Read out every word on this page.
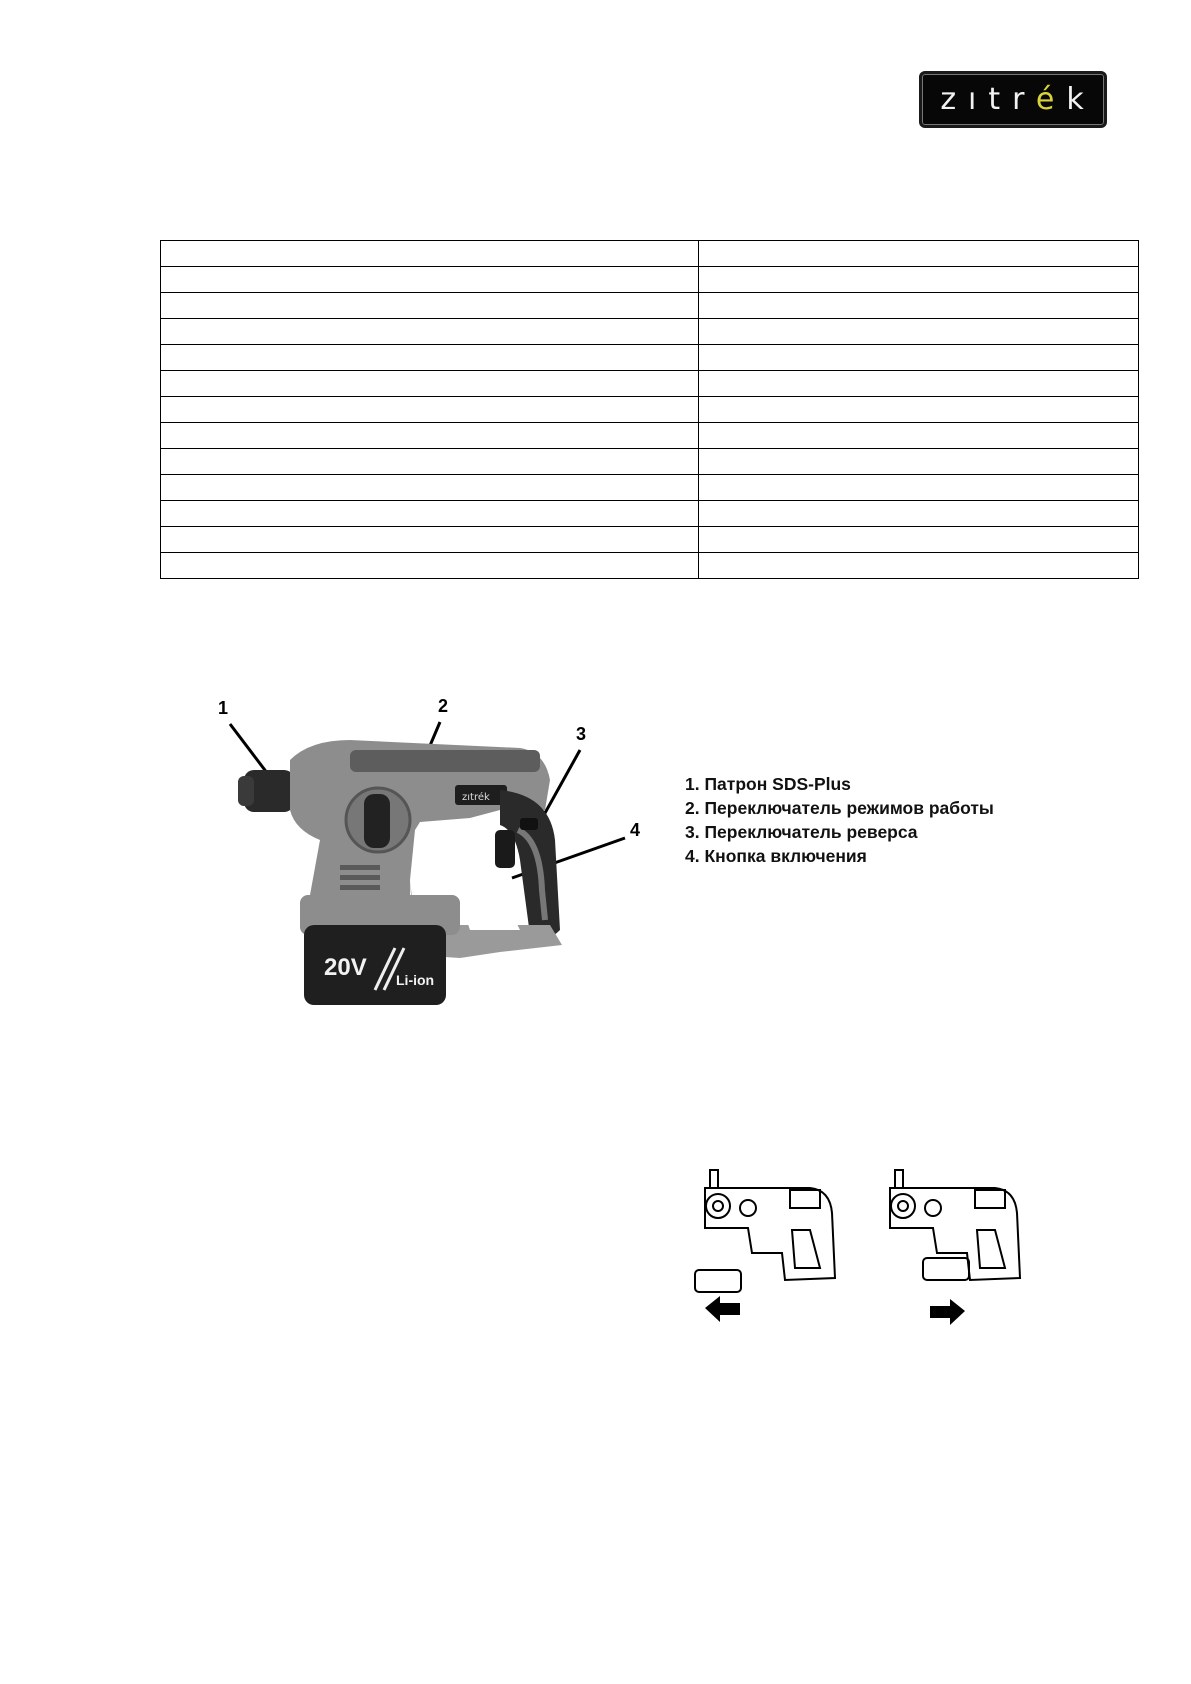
zıtrék

1	2
3
4
zıtrék
20V Li-ion
1. Патрон SDS-Plus
2. Переключатель режимов работы
3. Переключатель реверса
4. Кнопка включения
